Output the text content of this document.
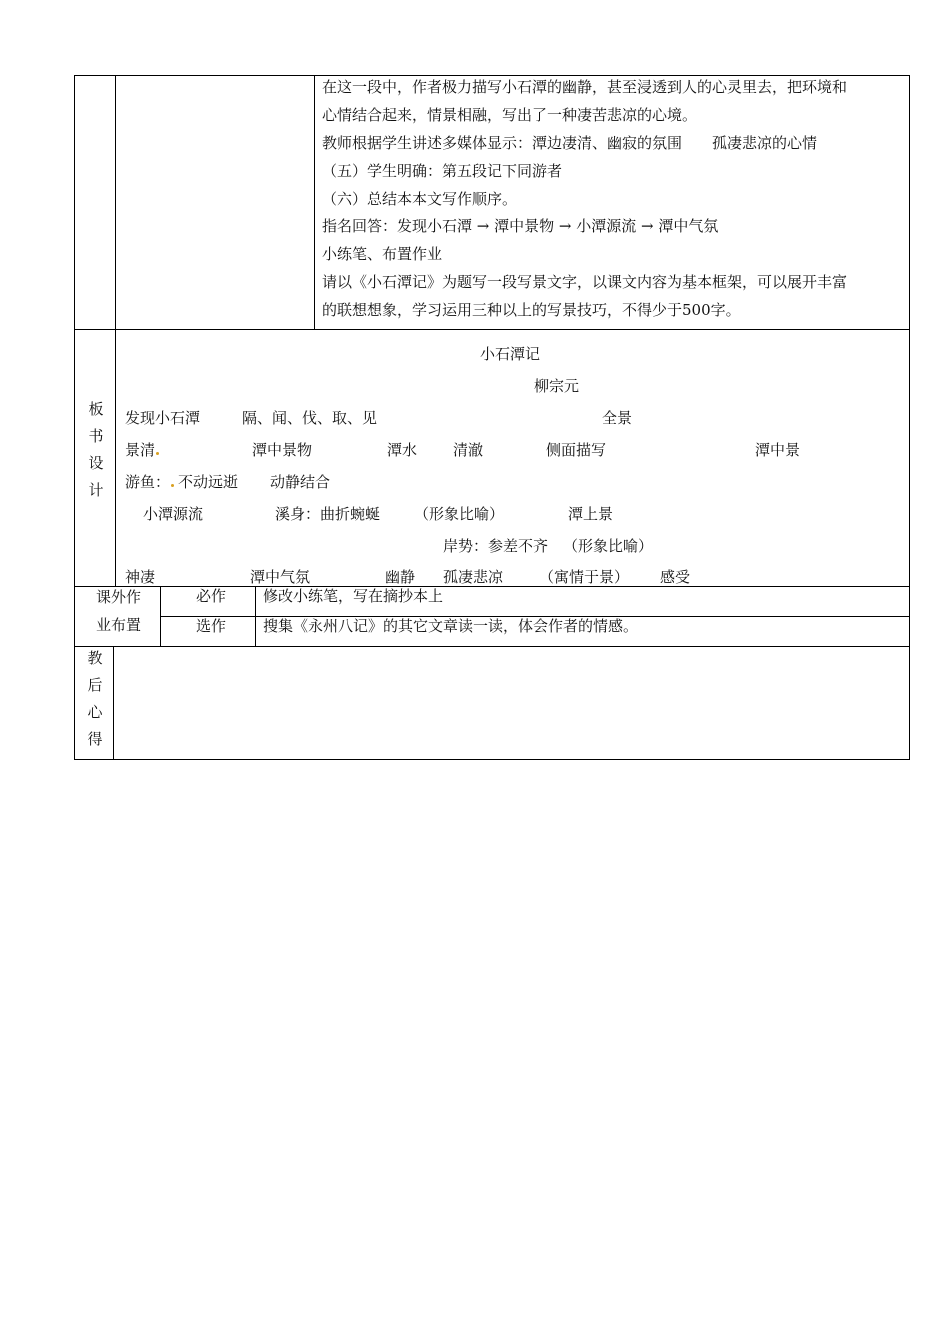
在这一段中，作者极力描写小石潭的幽静，甚至浸透到人的心灵里去，把环境和
心情结合起来，情景相融，写出了一种凄苦悲凉的心境。
教师根据学生讲述多媒体显示：潭边凄清、幽寂的氛围　　孤凄悲凉的心情
（五）学生明确：第五段记下同游者
（六）总结本本文写作顺序。
指名回答：发现小石潭 → 潭中景物 → 小潭源流 → 潭中气氛
小练笔、布置作业
请以《小石潭记》为题写一段写景文字，以课文内容为基本框架，可以展开丰富
的联想想象，学习运用三种以上的写景技巧，不得少于500字。
板
书
设
计
小石潭记
柳宗元
发现小石潭	隔、闻、伐、取、见	全景
景清	潭中景物	潭水 清澈	侧面描写	潭中景
游鱼： 不动远逝 动静结合
小潭源流	溪身：曲折蜿蜒 （形象比喻）	潭上景
岸势：参差不齐 （形象比喻）
神凄	潭中气氛	幽静 孤凄悲凉 （寓情于景） 感受
课外作
业布置
必作 修改小练笔，写在摘抄本上
选作 搜集《永州八记》的其它文章读一读，体会作者的情感。
教
后
心
得
